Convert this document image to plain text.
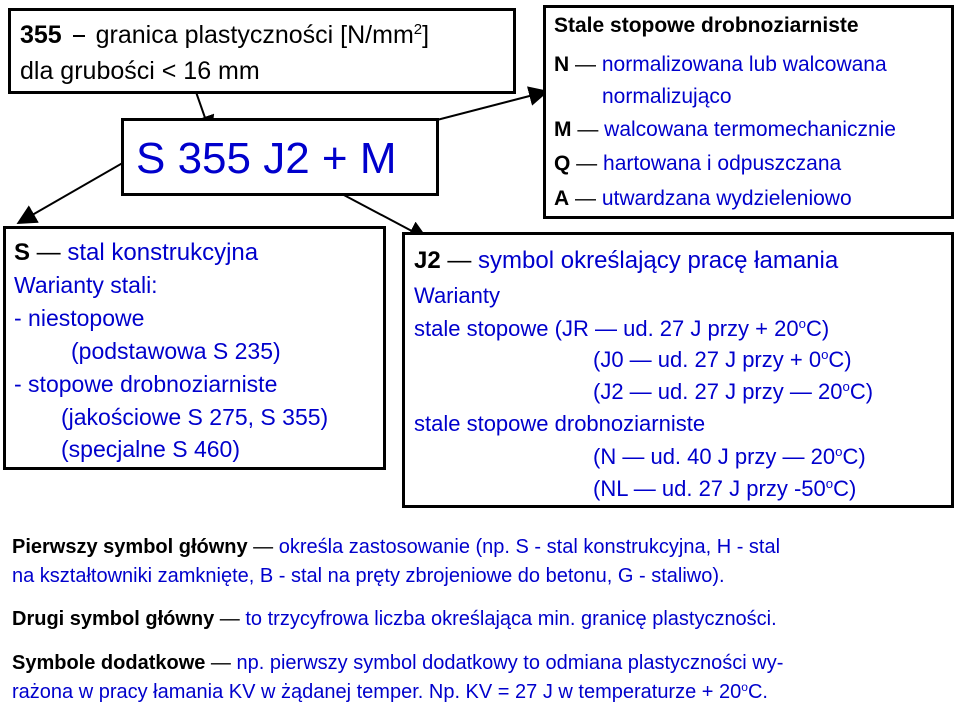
355 granica plastyczności $[N/mm^2]$
dla grubości < 16 mm
S 355 J2 + M
Stale stopowe drobnoziarniste
N — normalizowana lub walcowana
normalizująco
M — walcowana termomechanicznie
Q — hartowana i odpuszczana
A — utwardzana wydzieleniowo
S — stal konstrukcyjna
Warianty stali:
- niestopowe
(podstawowa S 235)
- stopowe drobnoziarniste
(jakościowe S 275, S 355)
(specjalne S 460)
J2 — symbol określający pracę łamania
Warianty
stale stopowe (JR — ud. 27 J przy + $20^oC$)
(J0 — ud. 27 J przy + $0^oC$)
(J2 — ud. 27 J przy — 20$^o$C)
stale stopowe drobnoziarniste
(N — ud. 40 J przy — 20$^o$C)
(NL — ud. 27 J przy -50$^o$C)
Pierwszy symbol główny — określa zastosowanie (np. S - stal konstrukcyjna, H - stal
na kształtowniki zamknięte, B - stal na pręty zbrojeniowe do betonu, G - staliwo).
Drugi symbol główny — to trzycyfrowa liczba określająca min. granicę plastyczności.
Symbole dodatkowe — np. pierwszy symbol dodatkowy to odmiana plastyczności wy-
rażona w pracy łamania KV w żądanej temper. Np. KV = 27 J w temperaturze + $20^oC$.
